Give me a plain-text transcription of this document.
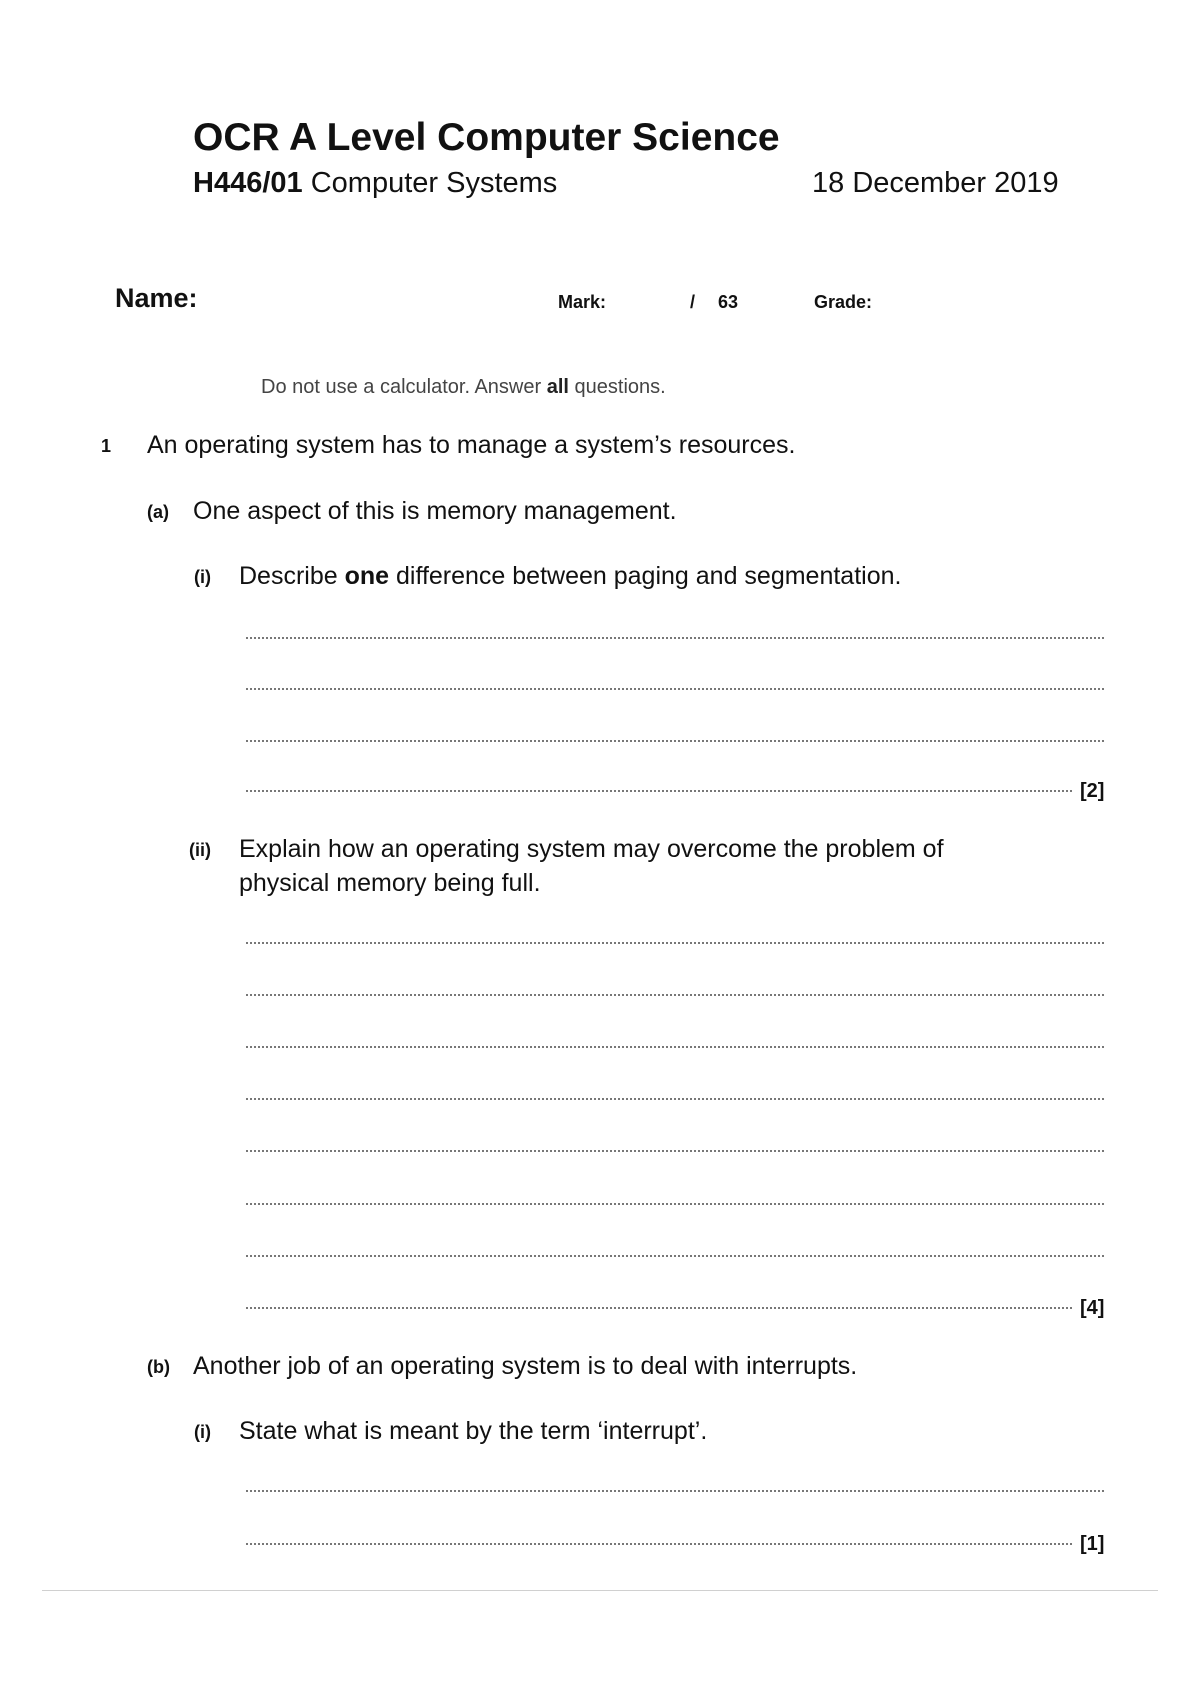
OCR A Level Computer Science
H446/01 Computer Systems	18 December 2019
Name:	Mark:	/ 63	Grade:
Do not use a calculator. Answer all questions.
1 An operating system has to manage a system’s resources.
(a) One aspect of this is memory management.
(i) Describe one difference between paging and segmentation.
[2]
(ii) Explain how an operating system may overcome the problem of
physical memory being full.
[4]
(b) Another job of an operating system is to deal with interrupts.
(i) State what is meant by the term ‘interrupt’.
[1]
